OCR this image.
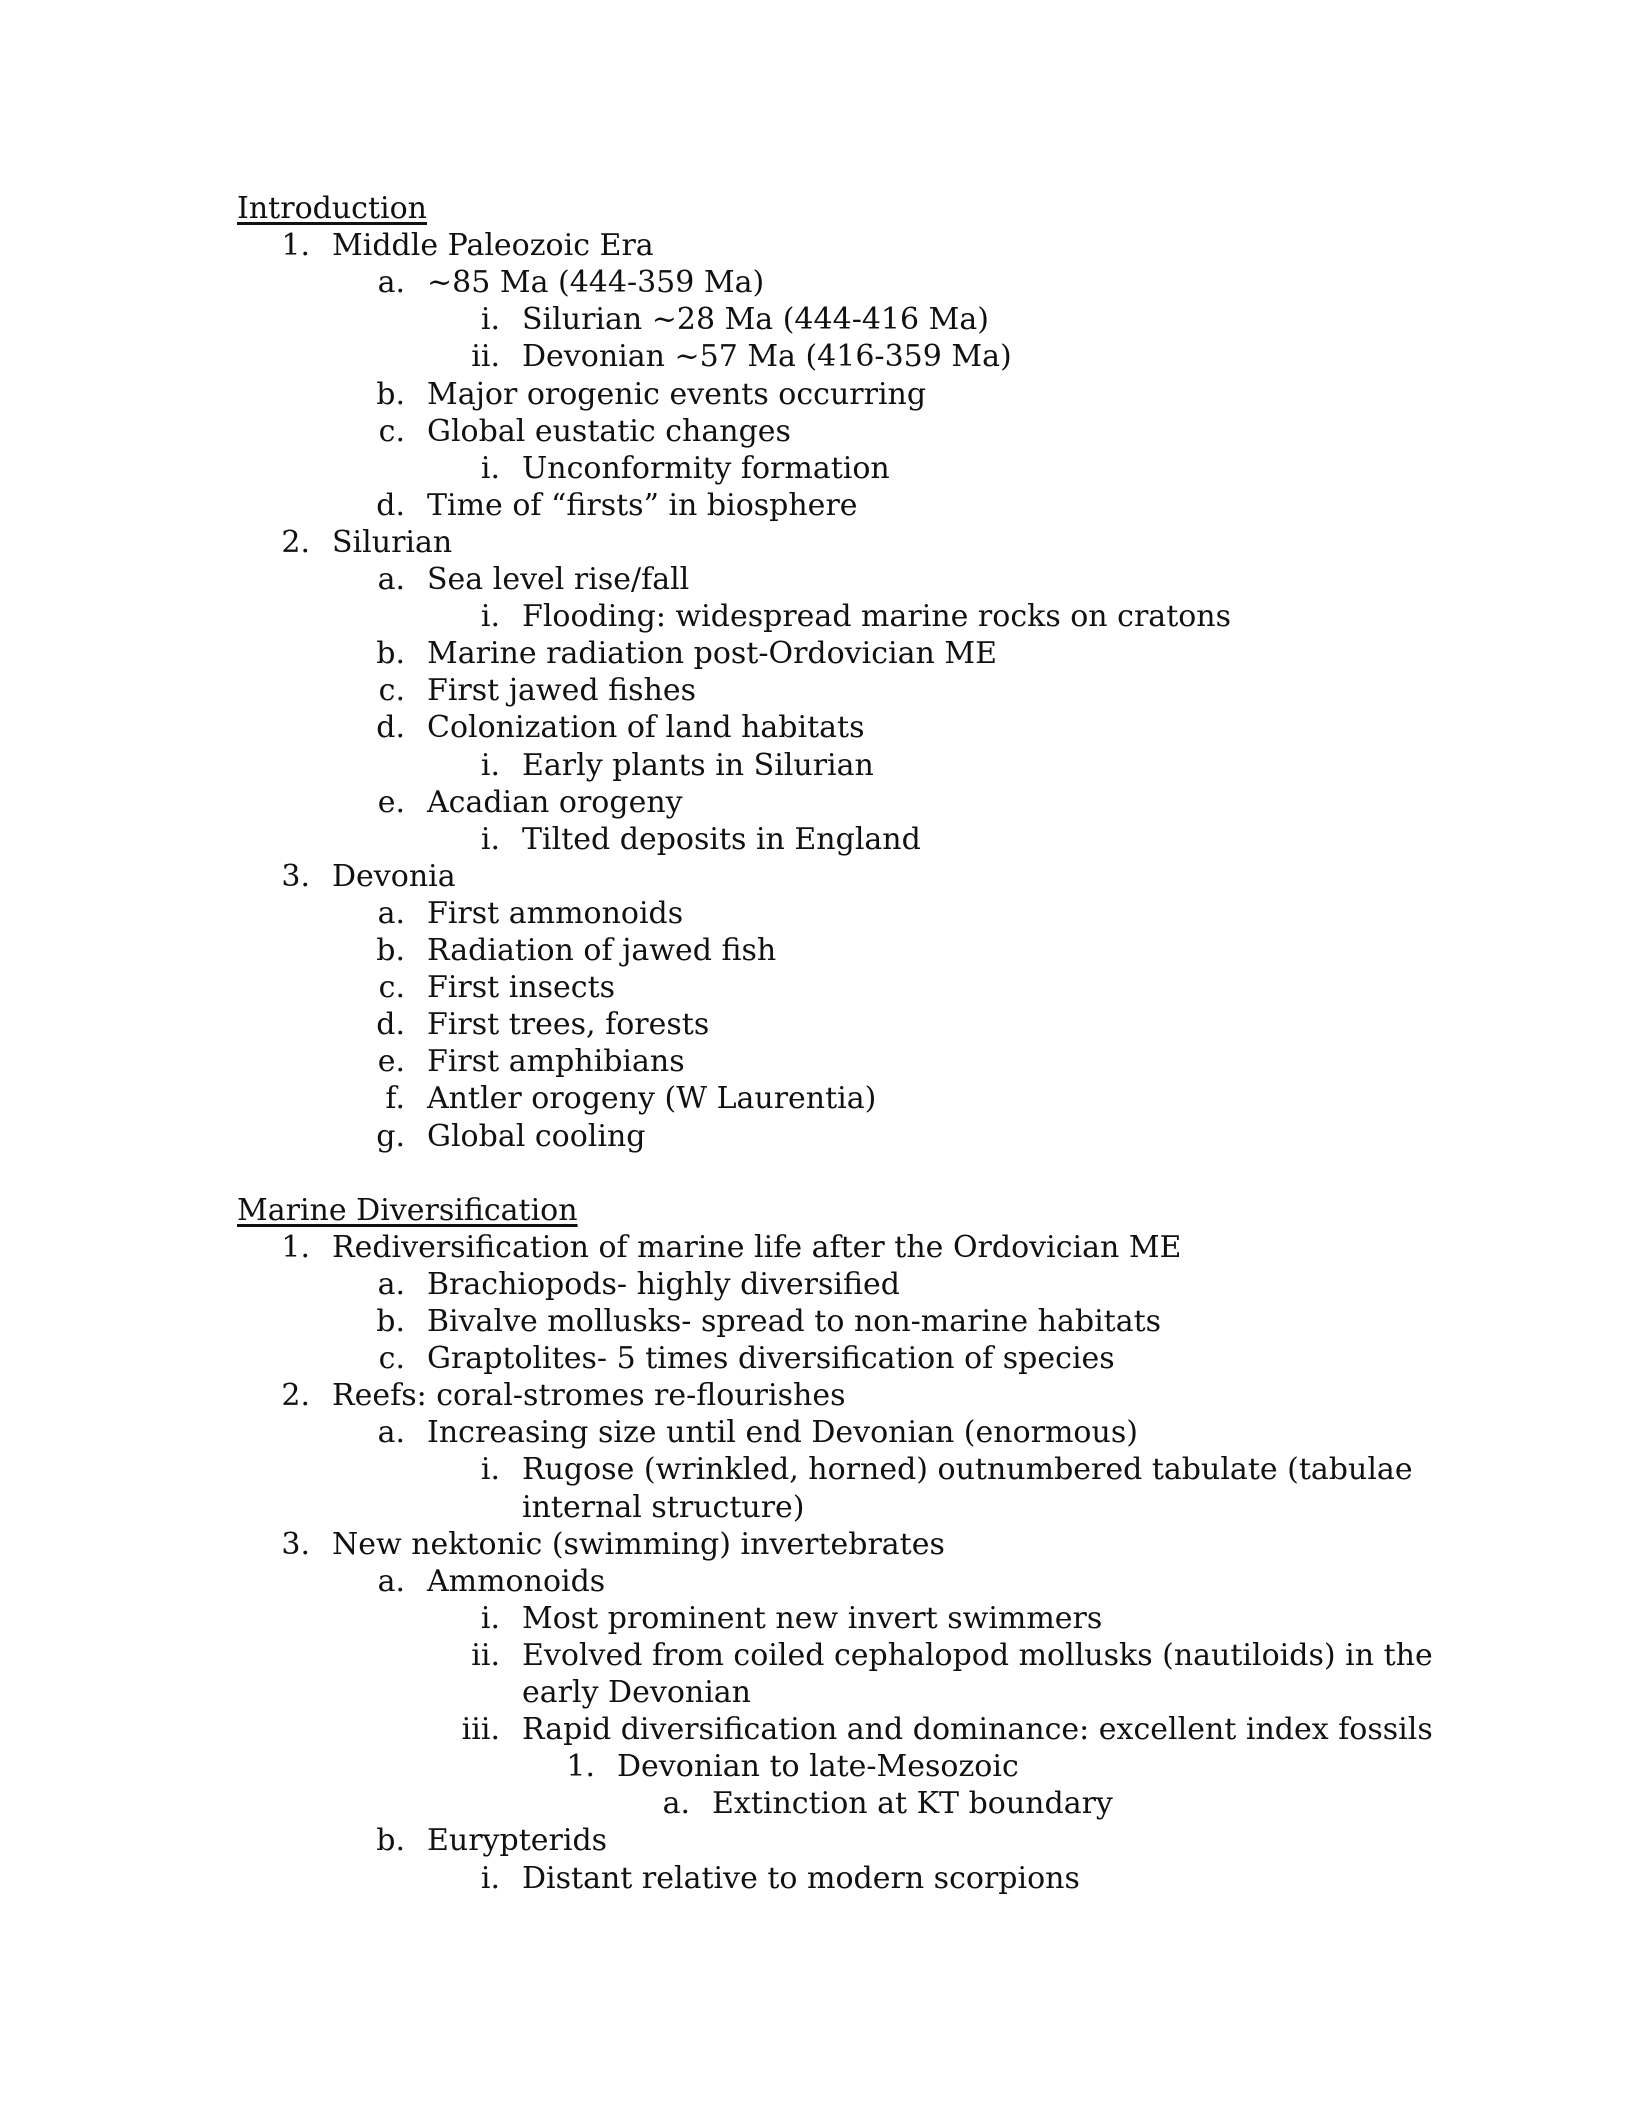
Introduction
1. Middle Paleozoic Era
a. ~85 Ma (444-359 Ma)
i. Silurian ~28 Ma (444-416 Ma)
ii. Devonian ~57 Ma (416-359 Ma)
b. Major orogenic events occurring
c. Global eustatic changes
i. Unconformity formation
d. Time of “firsts” in biosphere
2. Silurian
a. Sea level rise/fall
i. Flooding: widespread marine rocks on cratons
b. Marine radiation post-Ordovician ME
c. First jawed fishes
d. Colonization of land habitats
i. Early plants in Silurian
e. Acadian orogeny
i. Tilted deposits in England
3. Devonia
a. First ammonoids
b. Radiation of jawed fish
c. First insects
d. First trees, forests
e. First amphibians
f. Antler orogeny (W Laurentia)
g. Global cooling
Marine Diversification
1. Rediversification of marine life after the Ordovician ME
a. Brachiopods- highly diversified
b. Bivalve mollusks- spread to non-marine habitats
c. Graptolites- 5 times diversification of species
2. Reefs: coral-stromes re-flourishes
a. Increasing size until end Devonian (enormous)
i. Rugose (wrinkled, horned) outnumbered tabulate (tabulae
internal structure)
3. New nektonic (swimming) invertebrates
a. Ammonoids
i. Most prominent new invert swimmers
ii. Evolved from coiled cephalopod mollusks (nautiloids) in the
early Devonian
iii. Rapid diversification and dominance: excellent index fossils
1. Devonian to late-Mesozoic
a. Extinction at KT boundary
b. Eurypterids
i. Distant relative to modern scorpions
